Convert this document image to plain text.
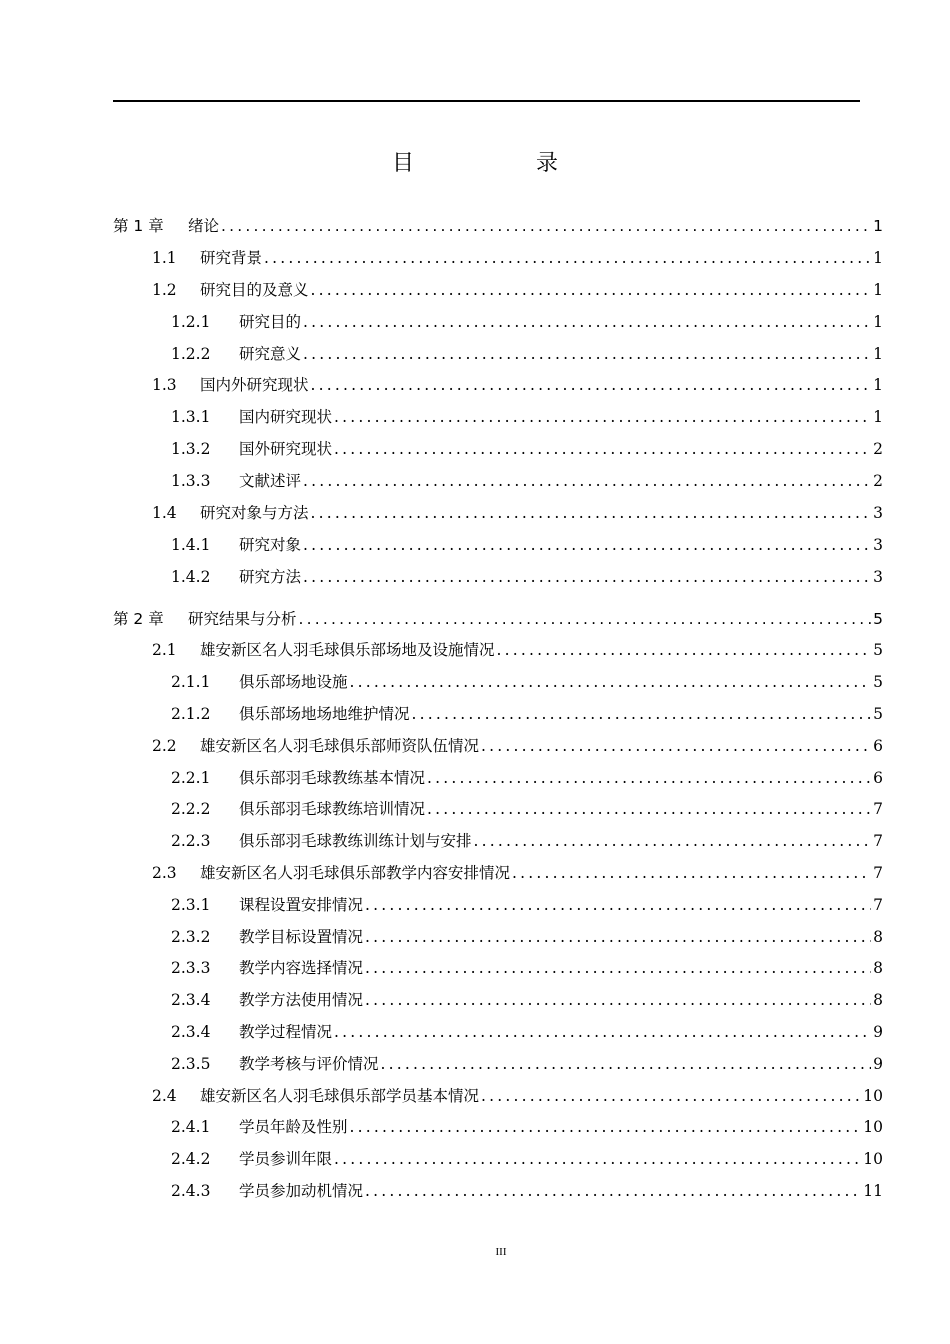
目　录
第 1 章	绪论 .....	1
1.1	研究背景 .....	1
1.2	研究目的及意义 .....	1
1.2.1	研究目的 .....	1
1.2.2	研究意义 .....	1
1.3	国内外研究现状 .....	1
1.3.1	国内研究现状 .....	1
1.3.2	国外研究现状 .....	2
1.3.3	文献述评 .....	2
1.4	研究对象与方法 .....	3
1.4.1	研究对象 .....	3
1.4.2	研究方法 .....	3
第 2 章	研究结果与分析 .....	5
2.1	雄安新区名人羽毛球俱乐部场地及设施情况 .....	5
2.1.1	俱乐部场地设施 .....	5
2.1.2	俱乐部场地场地维护情况 .....	5
2.2	雄安新区名人羽毛球俱乐部师资队伍情况 .....	6
2.2.1	俱乐部羽毛球教练基本情况 .....	6
2.2.2	俱乐部羽毛球教练培训情况 .....	7
2.2.3	俱乐部羽毛球教练训练计划与安排 .....	7
2.3	雄安新区名人羽毛球俱乐部教学内容安排情况 .....	7
2.3.1	课程设置安排情况 .....	7
2.3.2	教学目标设置情况 .....	8
2.3.3	教学内容选择情况 .....	8
2.3.4	教学方法使用情况 .....	8
2.3.4	教学过程情况 .....	9
2.3.5	教学考核与评价情况 .....	9
2.4	雄安新区名人羽毛球俱乐部学员基本情况 .....	10
2.4.1	学员年龄及性别 .....	10
2.4.2	学员参训年限 .....	10
2.4.3	学员参加动机情况 .....	11
III
